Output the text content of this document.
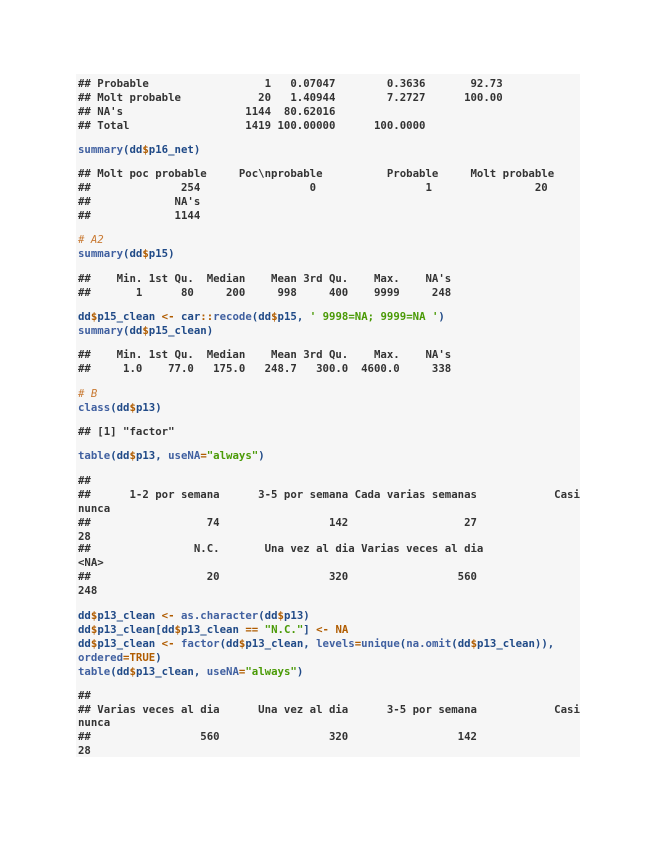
## Probable                  1   0.07047        0.3636       92.73

## Molt probable            20   1.40944        7.2727      100.00

## NA's                   1144  80.62016

## Total                  1419 100.00000      100.0000

summary(dd$p16_net)

## Molt poc probable     Poc\nprobable          Probable     Molt probable

##              254                 0                 1                20

##             NA's

##             1144

# A2

summary(dd$p15)

##    Min. 1st Qu.  Median    Mean 3rd Qu.    Max.    NA's

##       1      80     200     998     400    9999     248

dd$p15_clean <- car::recode(dd$p15, ' 9998=NA; 9999=NA ')

summary(dd$p15_clean)

##    Min. 1st Qu.  Median    Mean 3rd Qu.    Max.    NA's

##     1.0    77.0   175.0   248.7   300.0  4600.0     338

# B

class(dd$p13)

## [1] "factor"

table(dd$p13, useNA="always")

##

##      1-2 por semana      3-5 por semana Cada varias semanas            Casi

nunca

##                  74                 142                  27

28

##                N.C.       Una vez al dia Varias veces al dia

<NA>

##                  20                 320                 560

248

dd$p13_clean <- as.character(dd$p13)

dd$p13_clean[dd$p13_clean == "N.C."] <- NA

dd$p13_clean <- factor(dd$p13_clean, levels=unique(na.omit(dd$p13_clean)),

ordered=TRUE)

table(dd$p13_clean, useNA="always")

##

## Varias veces al dia      Una vez al dia      3-5 por semana            Casi

nunca

##                 560                 320                 142

28
